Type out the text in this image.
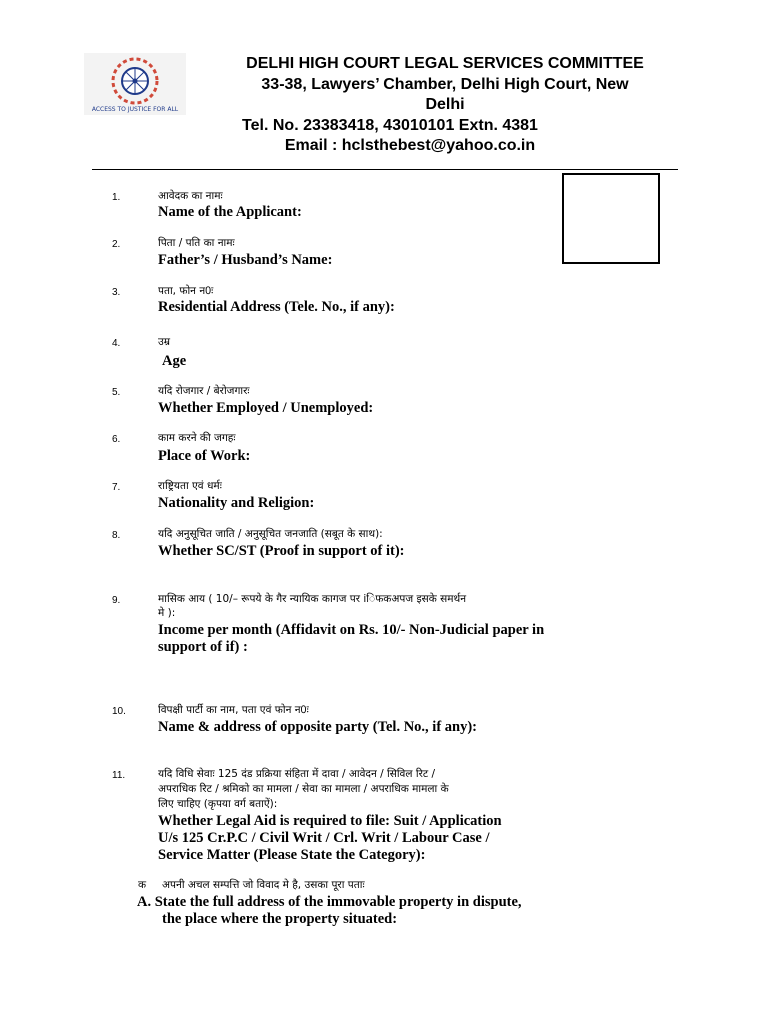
ACCESS TO JUSTICE FOR ALL
DELHI HIGH COURT LEGAL SERVICES COMMITTEE
33-38, Lawyers’ Chamber, Delhi High Court, New
Delhi
Tel. No. 23383418, 43010101 Extn. 4381
Email : hclsthebest@yahoo.co.in
1.	आवेदक का नामः
Name of the Applicant:
2.	पिता / पति का नामः
Father’s / Husband’s Name:
3.	पता, फोन न0ः
Residential Address (Tele. No., if any):
4.	उम्र
Age
5.	यदि रोजगार / बेरोजगारः
Whether Employed / Unemployed:
6.	काम करने की जगहः
Place of Work:
7.	राष्ट्रियता एवं धर्मः
Nationality and Religion:
8.	यदि अनुसूचित जाति / अनुसूचित जनजाति (सबूत के साथ):
Whether SC/ST (Proof in support of it):
9.	मासिक आय ( 10/– रूपये के गैर न्यायिक कागज पर iिफकअपज इसके समर्थन
मे ):
Income per month (Affidavit on Rs. 10/- Non-Judicial paper in
support of if) :
10.	विपक्षी पार्टी का नाम, पता एवं फोन न0ः
Name & address of opposite party (Tel. No., if any):
11.	यदि विधि सेवाः 125 दंड प्रक्रिया संहिता में दावा / आवेदन / सिविल रिट /
अपराधिक रिट / श्रमिको का मामला / सेवा का मामला / अपराधिक मामला के
लिए चाहिए (कृपया वर्ग बताऐं):
Whether Legal Aid is required to file: Suit / Application
U/s 125 Cr.P.C / Civil Writ / Crl. Writ / Labour Case /
Service Matter (Please State the Category):
क अपनी अचल सम्पत्ति जो विवाद मे है, उसका पूरा पताः
A. State the full address of the immovable property in dispute,
the place where the property situated:
